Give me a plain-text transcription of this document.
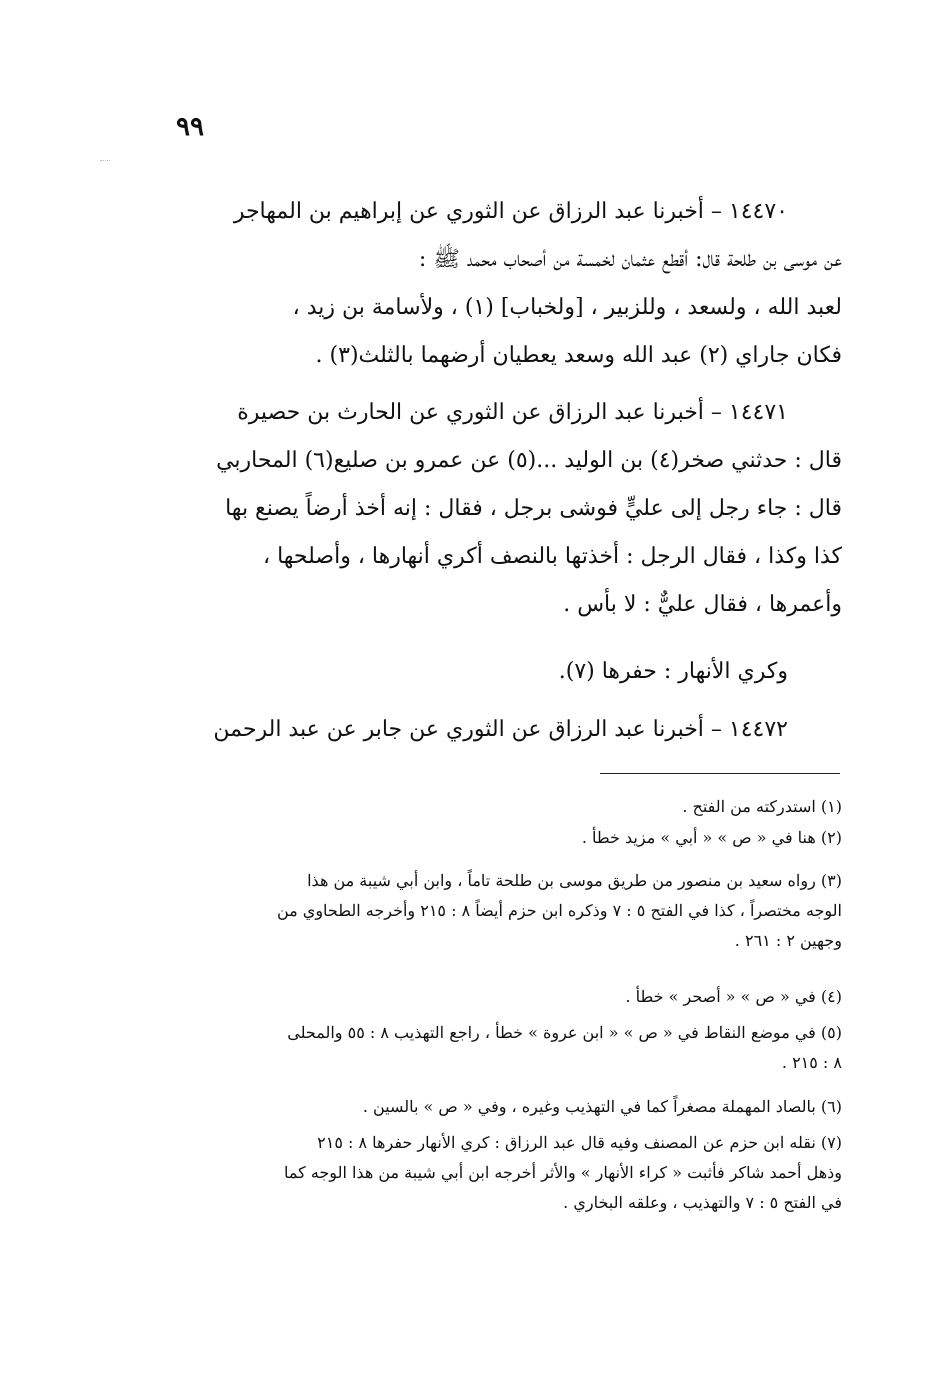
٩٩
١٤٤٧٠ – أخبرنا عبد الرزاق عن الثوري عن إبراهيم بن المهاجر
عن موسى بن طلحة قال: أقطع عثمان لخمسة من أصحاب محمد ﷺ :
لعبد الله ، ولسعد ، وللزبير ، [ولخباب] (١) ، ولأسامة بن زيد ،
فكان جاراي (٢) عبد الله وسعد يعطيان أرضهما بالثلث(٣) .
١٤٤٧١ – أخبرنا عبد الرزاق عن الثوري عن الحارث بن حصيرة
قال : حدثني صخر(٤) بن الوليد ...(٥) عن عمرو بن صليع(٦) المحاربي
قال : جاء رجل إلى عليٍّ فوشى برجل ، فقال : إنه أخذ أرضاً يصنع بها
كذا وكذا ، فقال الرجل : أخذتها بالنصف أكري أنهارها ، وأصلحها ،
وأعمرها ، فقال عليٌّ : لا بأس .
وكري الأنهار : حفرها (٧).
١٤٤٧٢ – أخبرنا عبد الرزاق عن الثوري عن جابر عن عبد الرحمن
(١) استدركته من الفتح .
(٢) هنا في « ص » « أبي » مزيد خطأ .
(٣) رواه سعيد بن منصور من طريق موسى بن طلحة تاماً ، وابن أبي شيبة من هذا
الوجه مختصراً ، كذا في الفتح ٥ : ٧ وذكره ابن حزم أيضاً ٨ : ٢١٥ وأخرجه الطحاوي من
وجهين ٢ : ٢٦١ .
(٤) في « ص » « أصحر » خطأ .
(٥) في موضع النقاط في « ص » « ابن عروة » خطأ ، راجع التهذيب ٨ : ٥٥ والمحلى
٨ : ٢١٥ .
(٦) بالصاد المهملة مصغراً كما في التهذيب وغيره ، وفي « ص » بالسين .
(٧) نقله ابن حزم عن المصنف وفيه قال عبد الرزاق : كري الأنهار حفرها ٨ : ٢١٥
وذهل أحمد شاكر فأثبت « كراء الأنهار » والأثر أخرجه ابن أبي شيبة من هذا الوجه كما
في الفتح ٥ : ٧ والتهذيب ، وعلقه البخاري .
